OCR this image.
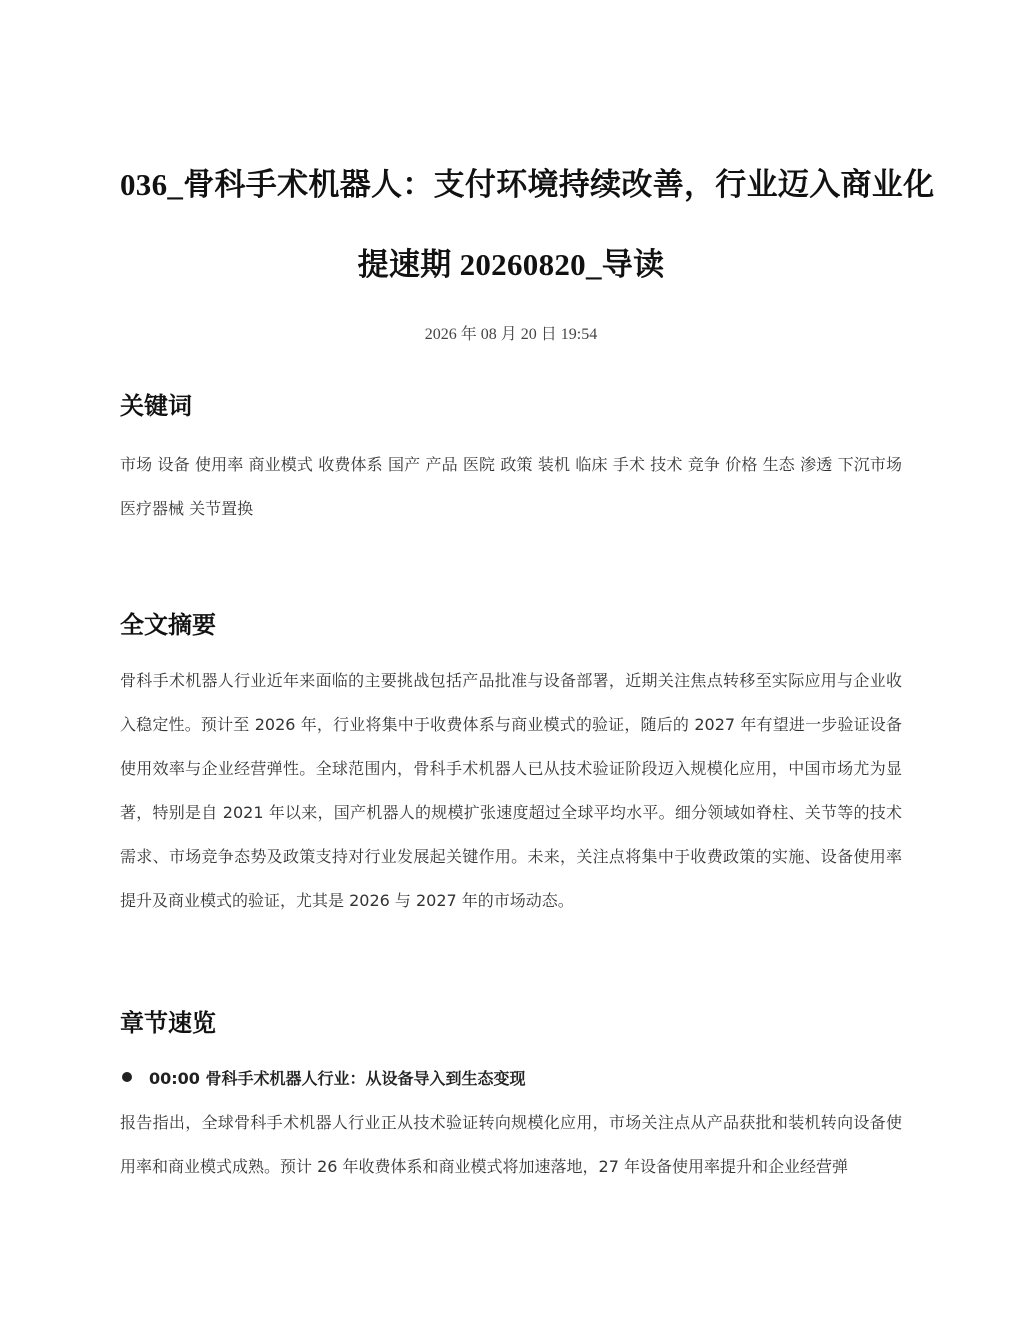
036_骨科手术机器人：支付环境持续改善，行业迈入商业化
提速期 20260820_导读
2026 年 08 月 20 日 19:54
关键词

市场 设备 使用率 商业模式 收费体系 国产 产品 医院 政策 装机 临床 手术 技术 竞争 价格 生态 渗透 下沉市场 医疗器械 关节置换

全文摘要

骨科手术机器人行业近年来面临的主要挑战包括产品批准与设备部署，近期关注焦点转移至实际应用与企业收入稳定性。预计至 2026 年，行业将集中于收费体系与商业模式的验证，随后的 2027 年有望进一步验证设备使用效率与企业经营弹性。全球范围内，骨科手术机器人已从技术验证阶段迈入规模化应用，中国市场尤为显著，特别是自 2021 年以来，国产机器人的规模扩张速度超过全球平均水平。细分领域如脊柱、关节等的技术需求、市场竞争态势及政策支持对行业发展起关键作用。未来，关注点将集中于收费政策的实施、设备使用率提升及商业模式的验证，尤其是 2026 与 2027 年的市场动态。

章节速览
00:00 骨科手术机器人行业：从设备导入到生态变现

报告指出，全球骨科手术机器人行业正从技术验证转向规模化应用，市场关注点从产品获批和装机转向设备使用率和商业模式成熟。预计 26 年收费体系和商业模式将加速落地，27 年设备使用率提升和企业经营弹
